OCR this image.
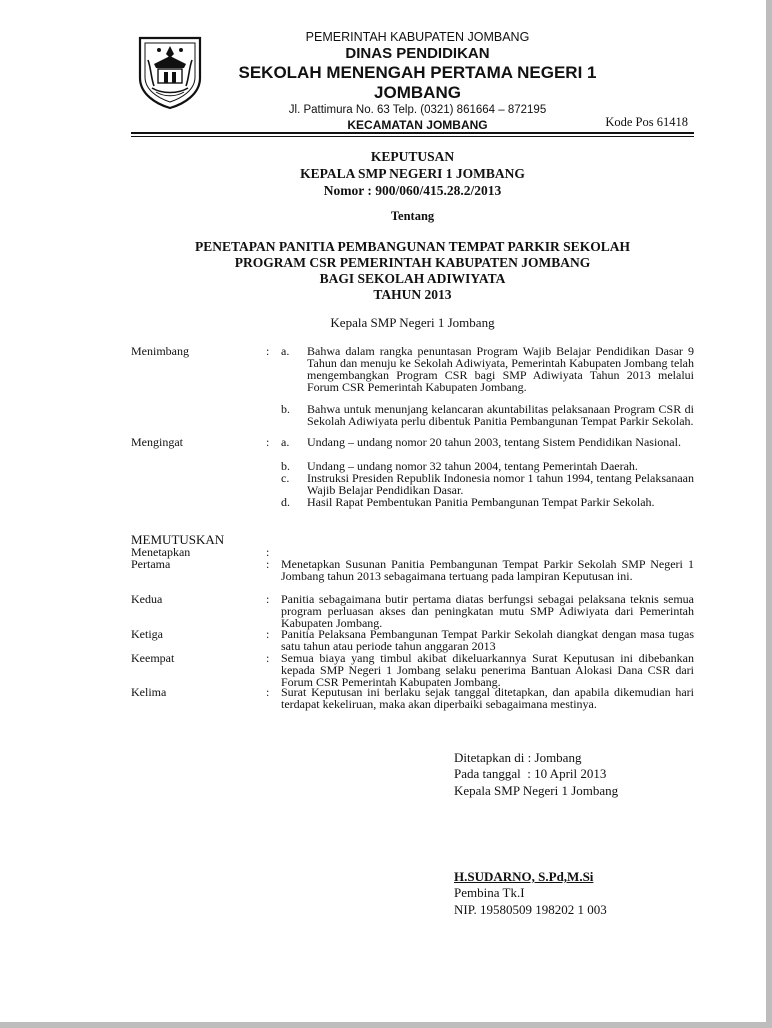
PEMERINTAH KABUPATEN JOMBANG
DINAS PENDIDIKAN
SEKOLAH MENENGAH PERTAMA NEGERI 1 JOMBANG
Jl. Pattimura No. 63 Telp. (0321) 861664 – 872195
KECAMATAN JOMBANG	Kode Pos 61418
KEPUTUSAN
KEPALA SMP NEGERI 1 JOMBANG
Nomor : 900/060/415.28.2/2013
Tentang
PENETAPAN PANITIA PEMBANGUNAN TEMPAT PARKIR SEKOLAH
PROGRAM CSR PEMERINTAH KABUPATEN JOMBANG
BAGI SEKOLAH ADIWIYATA
TAHUN 2013
Kepala SMP Negeri 1 Jombang
Menimbang	: a. Bahwa dalam rangka penuntasan Program Wajib Belajar Pendidikan Dasar 9 Tahun dan menuju ke Sekolah Adiwiyata, Pemerintah Kabupaten Jombang telah mengembangkan Program CSR bagi SMP Adiwiyata Tahun 2013 melalui Forum CSR Pemerintah Kabupaten Jombang.
b. Bahwa untuk menunjang kelancaran akuntabilitas pelaksanaan Program CSR di Sekolah Adiwiyata perlu dibentuk Panitia Pembangunan Tempat Parkir Sekolah.
Mengingat	: a. Undang – undang nomor 20 tahun 2003, tentang Sistem Pendidikan Nasional.
b. Undang – undang nomor 32 tahun 2004, tentang Pemerintah Daerah.
c. Instruksi Presiden Republik Indonesia nomor 1 tahun 1994, tentang Pelaksanaan Wajib Belajar Pendidikan Dasar.
d. Hasil Rapat Pembentukan Panitia Pembangunan Tempat Parkir Sekolah.
MEMUTUSKAN
Menetapkan	:
Pertama	: Menetapkan Susunan Panitia Pembangunan Tempat Parkir Sekolah SMP Negeri 1 Jombang tahun 2013 sebagaimana tertuang pada lampiran Keputusan ini.
Kedua	: Panitia sebagaimana butir pertama diatas berfungsi sebagai pelaksana teknis semua program perluasan akses dan peningkatan mutu SMP Adiwiyata dari Pemerintah Kabupaten Jombang.
Ketiga	: Panitia Pelaksana Pembangunan Tempat Parkir Sekolah diangkat dengan masa tugas satu tahun atau periode tahun anggaran 2013
Keempat	: Semua biaya yang timbul akibat dikeluarkannya Surat Keputusan ini dibebankan kepada SMP Negeri 1 Jombang selaku penerima Bantuan Alokasi Dana CSR dari Forum CSR Pemerintah Kabupaten Jombang.
Kelima	: Surat Keputusan ini berlaku sejak tanggal ditetapkan, dan apabila dikemudian hari terdapat kekeliruan, maka akan diperbaiki sebagaimana mestinya.
Ditetapkan di : Jombang
Pada tanggal  : 10 April 2013
Kepala SMP Negeri 1 Jombang
H.SUDARNO, S.Pd,M.Si
Pembina Tk.I
NIP. 19580509 198202 1 003
